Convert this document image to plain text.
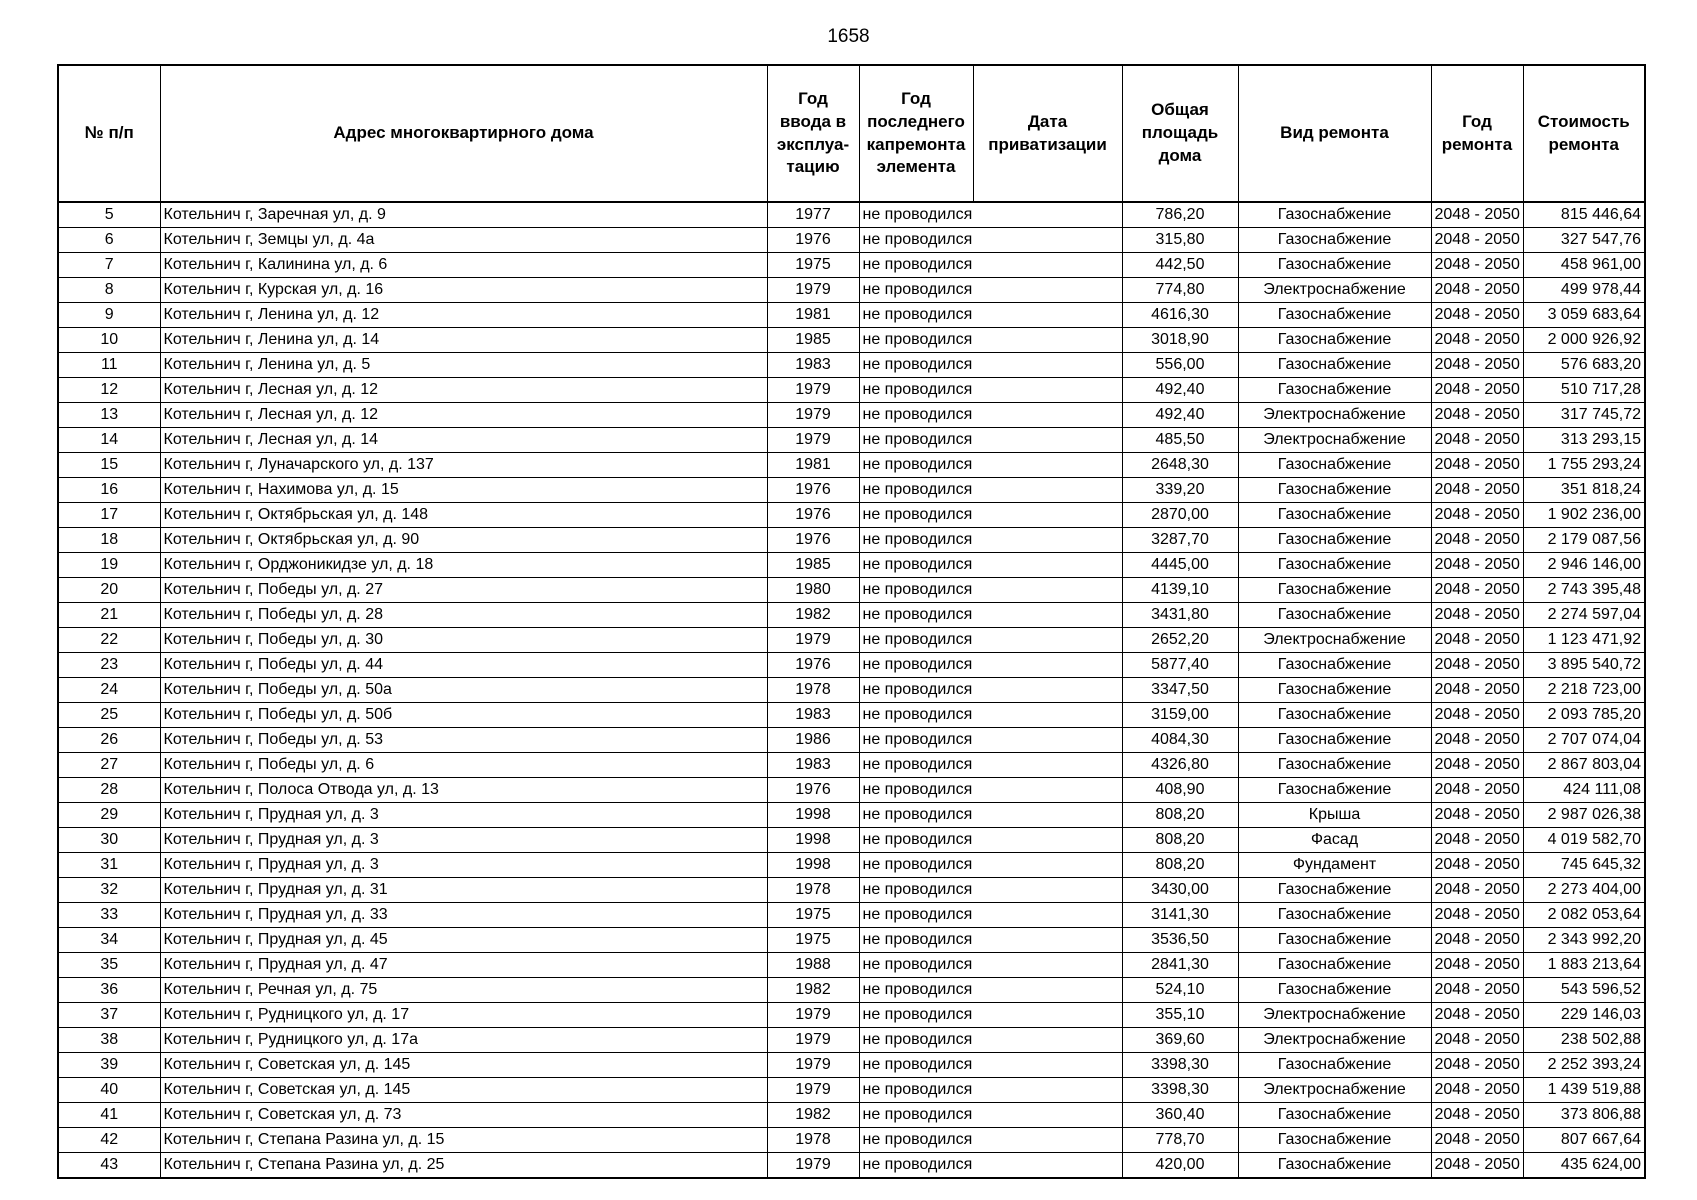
1658
№ п/п	Адрес многоквартирного дома	Год ввода в эксплуа-тацию	Год последнего капремонта элемента	Дата приватизации	Общая площадь дома	Вид ремонта	Год ремонта	Стоимость ремонта
5	Котельнич г, Заречная ул, д. 9	1977	не проводился		786,20	Газоснабжение	2048 - 2050	815 446,64
6	Котельнич г, Земцы ул, д. 4а	1976	не проводился		315,80	Газоснабжение	2048 - 2050	327 547,76
7	Котельнич г, Калинина ул, д. 6	1975	не проводился		442,50	Газоснабжение	2048 - 2050	458 961,00
8	Котельнич г, Курская ул, д. 16	1979	не проводился		774,80	Электроснабжение	2048 - 2050	499 978,44
9	Котельнич г, Ленина ул, д. 12	1981	не проводился		4616,30	Газоснабжение	2048 - 2050	3 059 683,64
10	Котельнич г, Ленина ул, д. 14	1985	не проводился		3018,90	Газоснабжение	2048 - 2050	2 000 926,92
11	Котельнич г, Ленина ул, д. 5	1983	не проводился		556,00	Газоснабжение	2048 - 2050	576 683,20
12	Котельнич г, Лесная ул, д. 12	1979	не проводился		492,40	Газоснабжение	2048 - 2050	510 717,28
13	Котельнич г, Лесная ул, д. 12	1979	не проводился		492,40	Электроснабжение	2048 - 2050	317 745,72
14	Котельнич г, Лесная ул, д. 14	1979	не проводился		485,50	Электроснабжение	2048 - 2050	313 293,15
15	Котельнич г, Луначарского ул, д. 137	1981	не проводился		2648,30	Газоснабжение	2048 - 2050	1 755 293,24
16	Котельнич г, Нахимова ул, д. 15	1976	не проводился		339,20	Газоснабжение	2048 - 2050	351 818,24
17	Котельнич г, Октябрьская ул, д. 148	1976	не проводился		2870,00	Газоснабжение	2048 - 2050	1 902 236,00
18	Котельнич г, Октябрьская ул, д. 90	1976	не проводился		3287,70	Газоснабжение	2048 - 2050	2 179 087,56
19	Котельнич г, Орджоникидзе ул, д. 18	1985	не проводился		4445,00	Газоснабжение	2048 - 2050	2 946 146,00
20	Котельнич г, Победы ул, д. 27	1980	не проводился		4139,10	Газоснабжение	2048 - 2050	2 743 395,48
21	Котельнич г, Победы ул, д. 28	1982	не проводился		3431,80	Газоснабжение	2048 - 2050	2 274 597,04
22	Котельнич г, Победы ул, д. 30	1979	не проводился		2652,20	Электроснабжение	2048 - 2050	1 123 471,92
23	Котельнич г, Победы ул, д. 44	1976	не проводился		5877,40	Газоснабжение	2048 - 2050	3 895 540,72
24	Котельнич г, Победы ул, д. 50а	1978	не проводился		3347,50	Газоснабжение	2048 - 2050	2 218 723,00
25	Котельнич г, Победы ул, д. 50б	1983	не проводился		3159,00	Газоснабжение	2048 - 2050	2 093 785,20
26	Котельнич г, Победы ул, д. 53	1986	не проводился		4084,30	Газоснабжение	2048 - 2050	2 707 074,04
27	Котельнич г, Победы ул, д. 6	1983	не проводился		4326,80	Газоснабжение	2048 - 2050	2 867 803,04
28	Котельнич г, Полоса Отвода ул, д. 13	1976	не проводился		408,90	Газоснабжение	2048 - 2050	424 111,08
29	Котельнич г, Прудная ул, д. 3	1998	не проводился		808,20	Крыша	2048 - 2050	2 987 026,38
30	Котельнич г, Прудная ул, д. 3	1998	не проводился		808,20	Фасад	2048 - 2050	4 019 582,70
31	Котельнич г, Прудная ул, д. 3	1998	не проводился		808,20	Фундамент	2048 - 2050	745 645,32
32	Котельнич г, Прудная ул, д. 31	1978	не проводился		3430,00	Газоснабжение	2048 - 2050	2 273 404,00
33	Котельнич г, Прудная ул, д. 33	1975	не проводился		3141,30	Газоснабжение	2048 - 2050	2 082 053,64
34	Котельнич г, Прудная ул, д. 45	1975	не проводился		3536,50	Газоснабжение	2048 - 2050	2 343 992,20
35	Котельнич г, Прудная ул, д. 47	1988	не проводился		2841,30	Газоснабжение	2048 - 2050	1 883 213,64
36	Котельнич г, Речная ул, д. 75	1982	не проводился		524,10	Газоснабжение	2048 - 2050	543 596,52
37	Котельнич г, Рудницкого ул, д. 17	1979	не проводился		355,10	Электроснабжение	2048 - 2050	229 146,03
38	Котельнич г, Рудницкого ул, д. 17а	1979	не проводился		369,60	Электроснабжение	2048 - 2050	238 502,88
39	Котельнич г, Советская ул, д. 145	1979	не проводился		3398,30	Газоснабжение	2048 - 2050	2 252 393,24
40	Котельнич г, Советская ул, д. 145	1979	не проводился		3398,30	Электроснабжение	2048 - 2050	1 439 519,88
41	Котельнич г, Советская ул, д. 73	1982	не проводился		360,40	Газоснабжение	2048 - 2050	373 806,88
42	Котельнич г, Степана Разина ул, д. 15	1978	не проводился		778,70	Газоснабжение	2048 - 2050	807 667,64
43	Котельнич г, Степана Разина ул, д. 25	1979	не проводился		420,00	Газоснабжение	2048 - 2050	435 624,00
